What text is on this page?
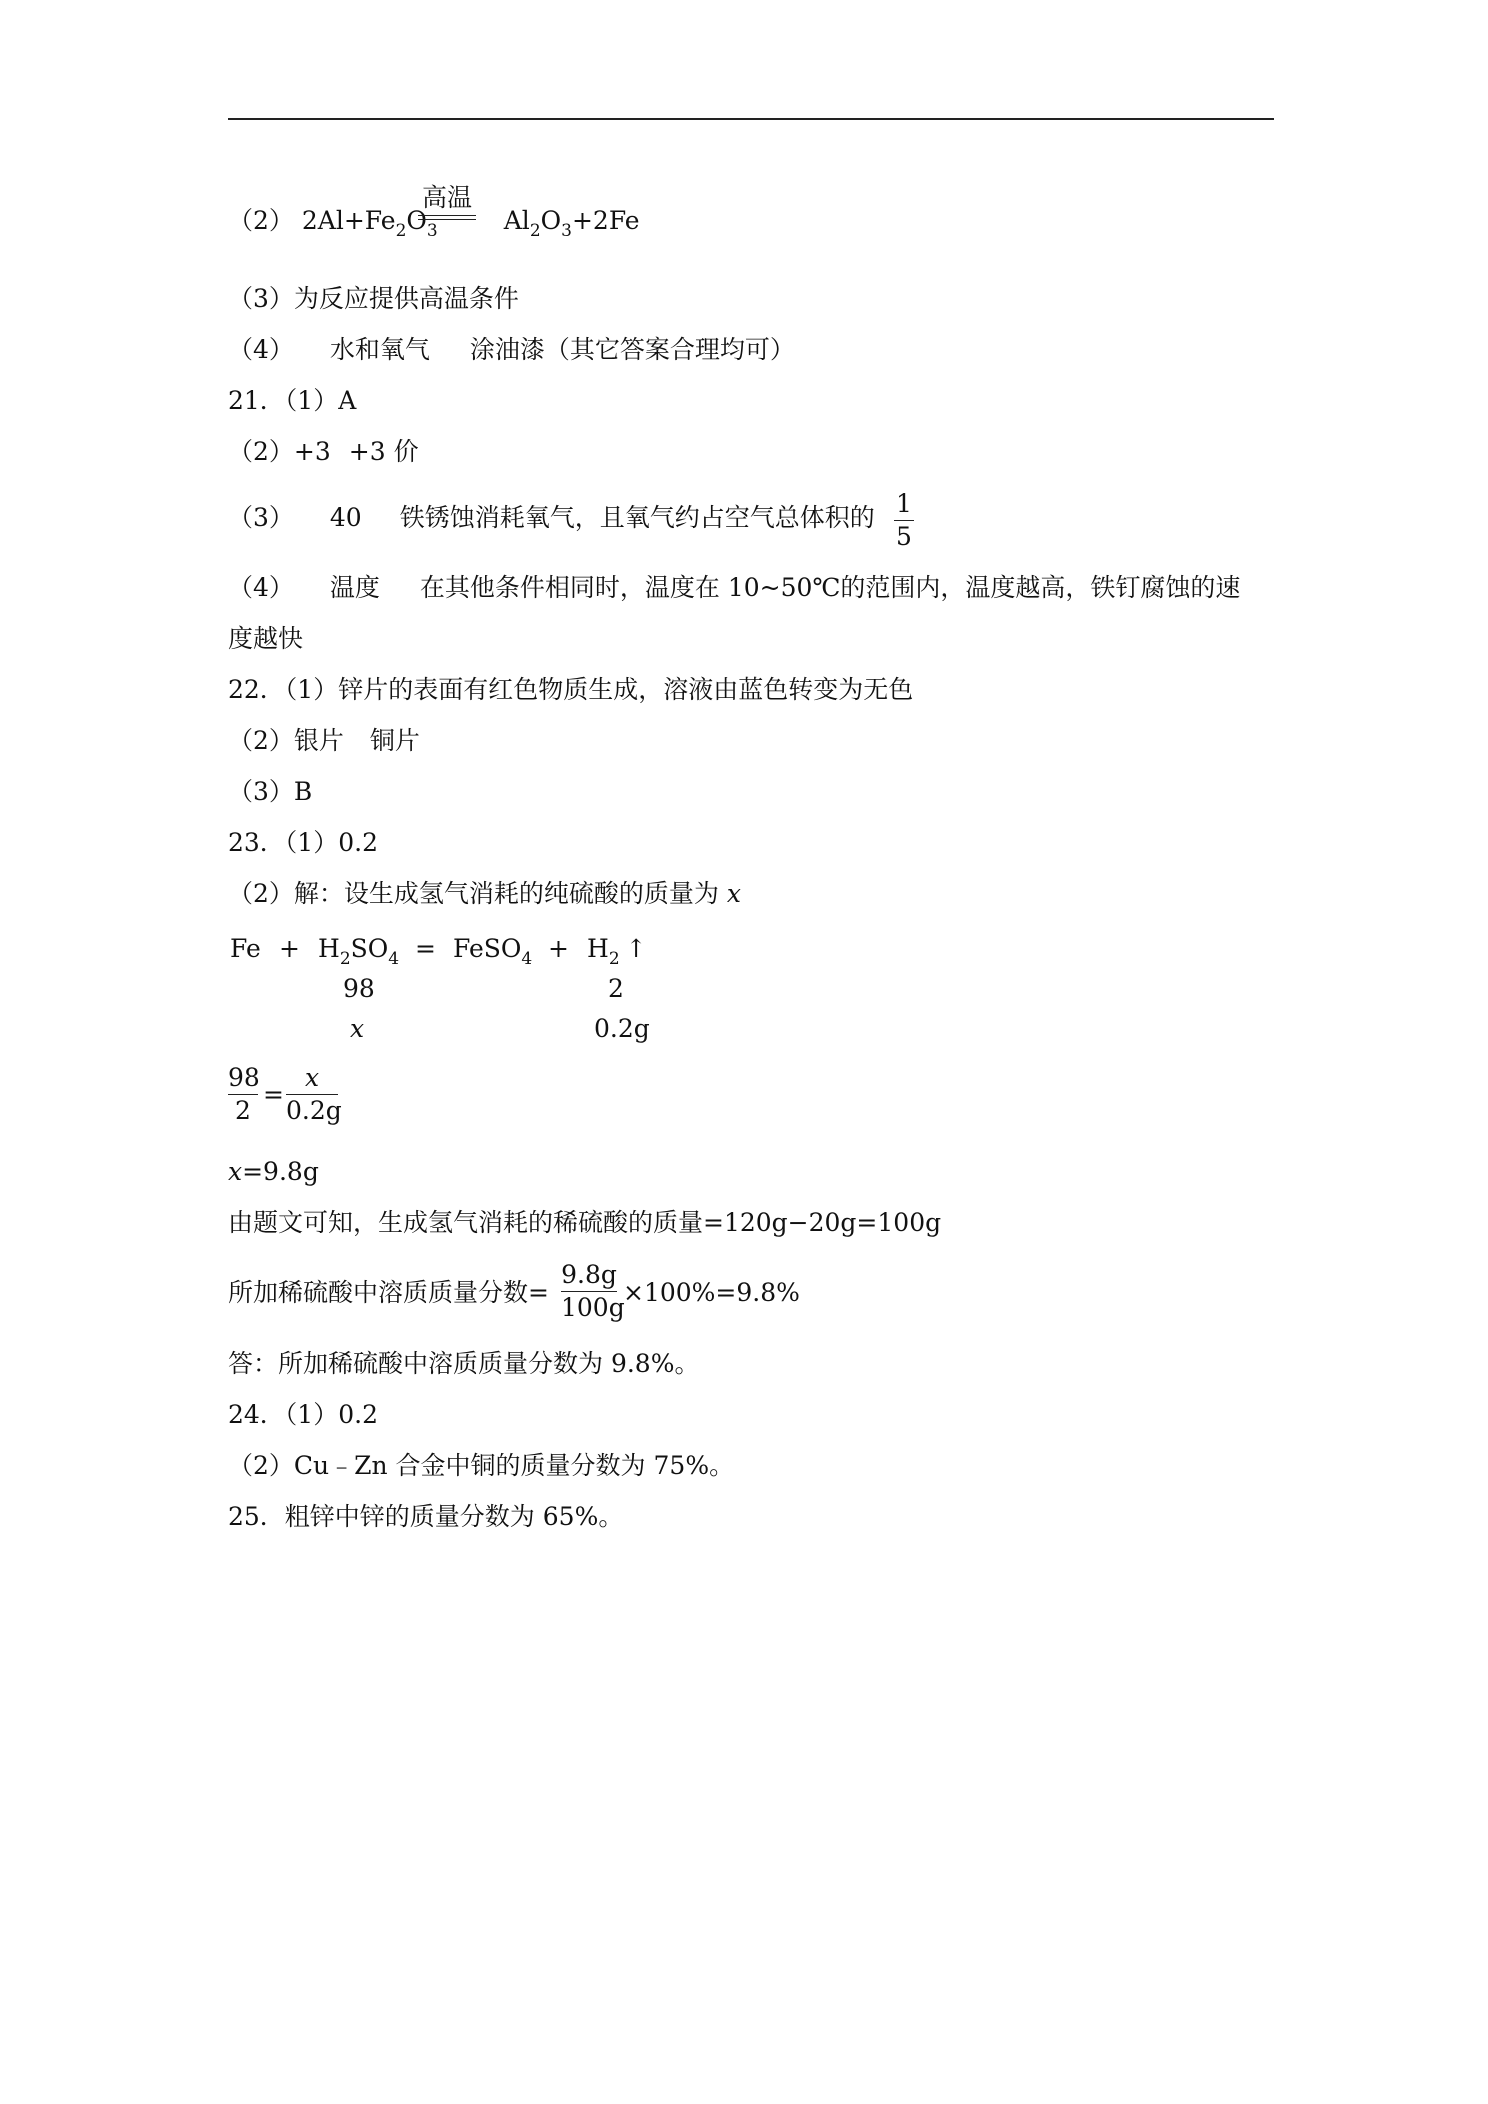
（2） $2Al+Fe_2O_3$	$Al_2O_3+2Fe$
高温
（3）为反应提供高温条件
（4） 水和氧气 涂油漆（其它答案合理均可）
21．（1）A
（2）+3 +3 价
（3） 40 铁锈蚀消耗氧气，且氧气约占空气总体积的 1
5
（4） 温度 在其他条件相同时，温度在 10~50℃的范围内，温度越高，铁钉腐蚀的速
度越快
22．（1）锌片的表面有红色物质生成，溶液由蓝色转变为无色
（2）银片 铜片
（3）B
23．（1）0.2
（2）解：设生成氢气消耗的纯硫酸的质量为 x
$Fe + H_2SO_4$ = FeSO$_4$ + $H_2$ ↑
98	2
x	0.2g
98
2
=
x
0.2g
x=9.8g
由题文可知，生成氢气消耗的稀硫酸的质量=120g−20g=100g
所加稀硫酸中溶质质量分数=
9.8g
100g
×100%=9.8%
答：所加稀硫酸中溶质质量分数为 9.8%。
24．（1）0.2
（2）Cu﹣Zn 合金中铜的质量分数为 75%。
25．粗锌中锌的质量分数为 65%。
